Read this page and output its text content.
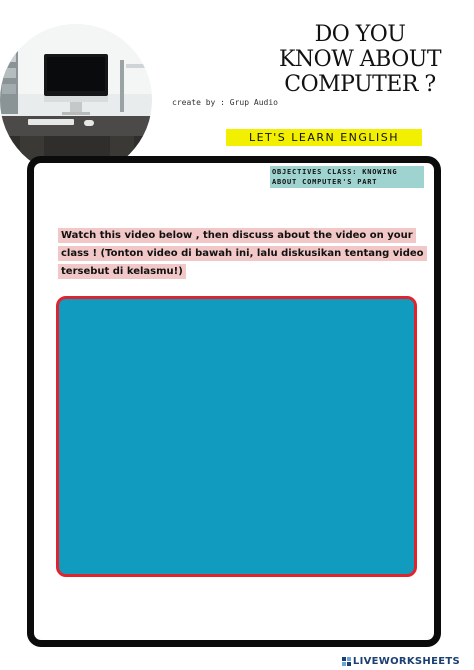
DO YOU
KNOW ABOUT
COMPUTER ?
create by : Grup Audio
LET'S LEARN ENGLISH
OBJECTIVES CLASS: KNOWING ABOUT COMPUTER'S PART
Watch this video below , then discuss about the video on your class ! (Tonton video di bawah ini, lalu diskusikan tentang video tersebut di kelasmu!)
LIVEWORKSHEETS
